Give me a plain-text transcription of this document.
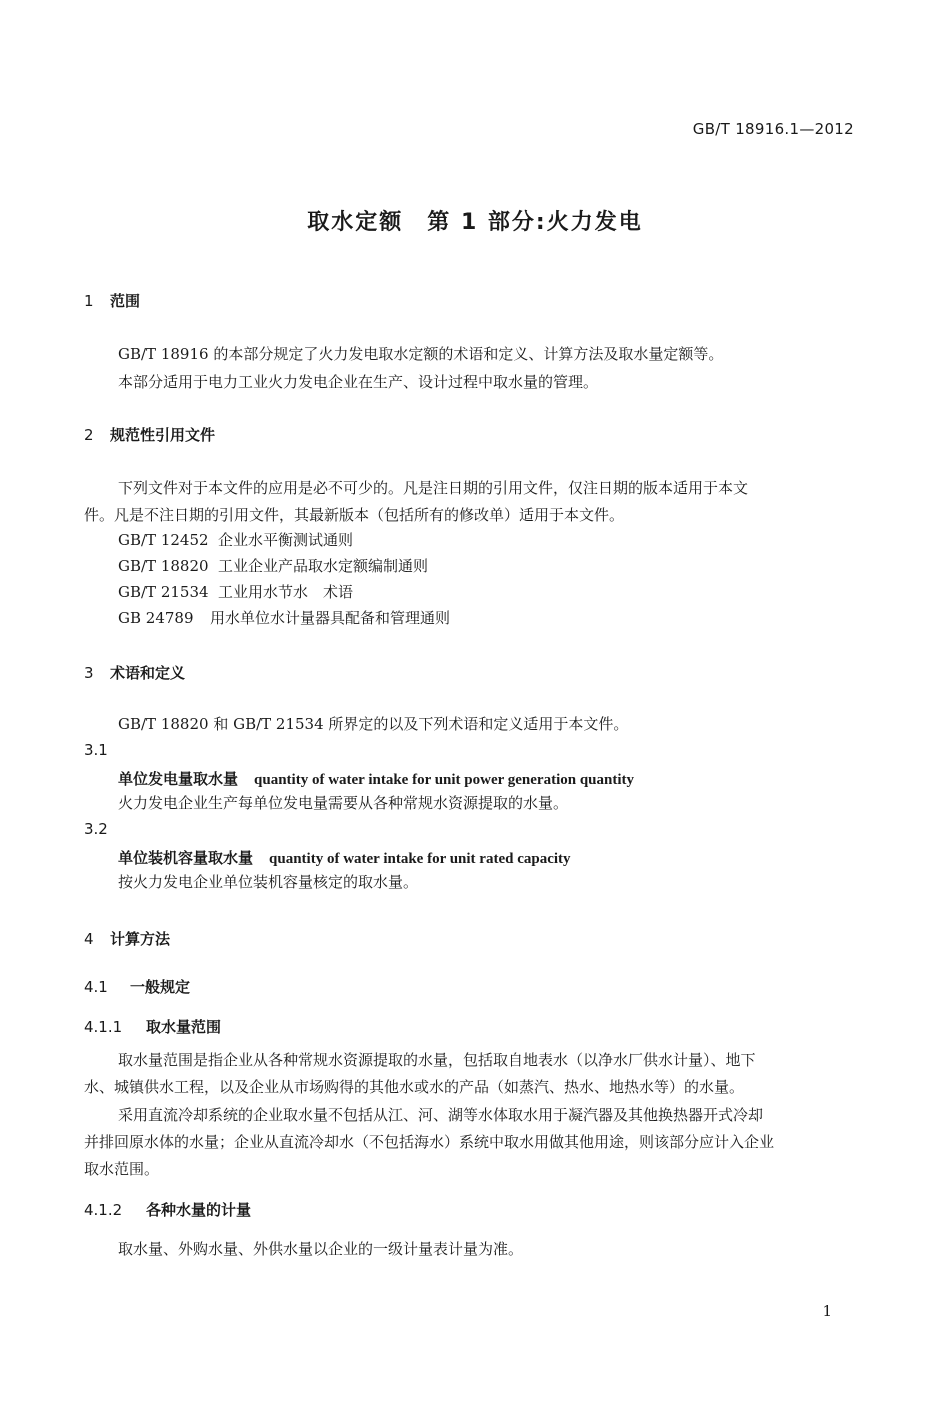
GB/T 18916.1—2012
取水定额　第 1 部分:火力发电
1 范围
GB/T 18916 的本部分规定了火力发电取水定额的术语和定义、计算方法及取水量定额等。
本部分适用于电力工业火力发电企业在生产、设计过程中取水量的管理。
2 规范性引用文件
下列文件对于本文件的应用是必不可少的。凡是注日期的引用文件，仅注日期的版本适用于本文
件。凡是不注日期的引用文件，其最新版本（包括所有的修改单）适用于本文件。
GB/T 12452 企业水平衡测试通则
GB/T 18820 工业企业产品取水定额编制通则
GB/T 21534 工业用水节水　术语
GB 24789 用水单位水计量器具配备和管理通则
3 术语和定义
GB/T 18820 和 GB/T 21534 所界定的以及下列术语和定义适用于本文件。
3.1
单位发电量取水量 quantity of water intake for unit power generation quantity
火力发电企业生产每单位发电量需要从各种常规水资源提取的水量。
3.2
单位装机容量取水量 quantity of water intake for unit rated capacity
按火力发电企业单位装机容量核定的取水量。
4 计算方法
4.1 一般规定
4.1.1 取水量范围
取水量范围是指企业从各种常规水资源提取的水量，包括取自地表水（以净水厂供水计量）、地下
水、城镇供水工程，以及企业从市场购得的其他水或水的产品（如蒸汽、热水、地热水等）的水量。
采用直流冷却系统的企业取水量不包括从江、河、湖等水体取水用于凝汽器及其他换热器开式冷却
并排回原水体的水量；企业从直流冷却水（不包括海水）系统中取水用做其他用途，则该部分应计入企业
取水范围。
4.1.2 各种水量的计量
取水量、外购水量、外供水量以企业的一级计量表计量为准。
1
